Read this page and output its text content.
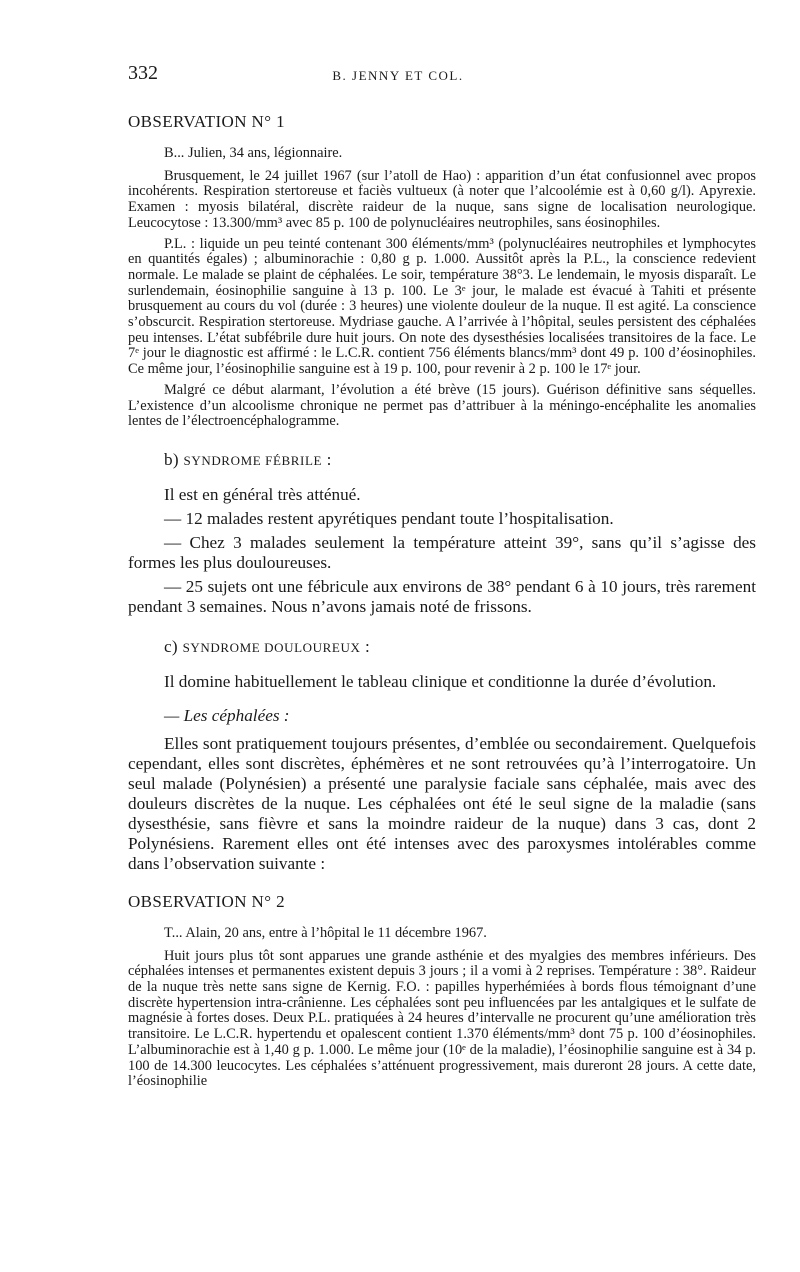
332	B. JENNY ET COL.
OBSERVATION N° 1

B... Julien, 34 ans, légionnaire.

Brusquement, le 24 juillet 1967 (sur l’atoll de Hao) : apparition d’un état confusionnel avec propos incohérents. Respiration stertoreuse et faciès vultueux (à noter que l’alcoolémie est à 0,60 g/l). Apyrexie. Examen : myosis bilatéral, discrète raideur de la nuque, sans signe de localisation neurologique. Leucocytose : 13.300/mm³ avec 85 p. 100 de polynucléaires neutrophiles, sans éosinophiles.

P.L. : liquide un peu teinté contenant 300 éléments/mm³ (polynucléaires neutrophiles et lymphocytes en quantités égales) ; albuminorachie : 0,80 g p. 1.000. Aussitôt après la P.L., la conscience redevient normale. Le malade se plaint de céphalées. Le soir, température 38°3. Le lendemain, le myosis disparaît. Le surlendemain, éosinophilie sanguine à 13 p. 100. Le 3ᵉ jour, le malade est évacué à Tahiti et présente brusquement au cours du vol (durée : 3 heures) une violente douleur de la nuque. Il est agité. La conscience s’obscurcit. Respiration stertoreuse. Mydriase gauche. A l’arrivée à l’hôpital, seules persistent des céphalées peu intenses. L’état subfébrile dure huit jours. On note des dysesthésies localisées transitoires de la face. Le 7ᵉ jour le diagnostic est affirmé : le L.C.R. contient 756 éléments blancs/mm³ dont 49 p. 100 d’éosinophiles. Ce même jour, l’éosinophilie sanguine est à 19 p. 100, pour revenir à 2 p. 100 le 17ᵉ jour.

Malgré ce début alarmant, l’évolution a été brève (15 jours). Guérison définitive sans séquelles. L’existence d’un alcoolisme chronique ne permet pas d’attribuer à la méningo-encéphalite les anomalies lentes de l’électroencéphalogramme.

b) SYNDROME FÉBRILE :

Il est en général très atténué.

— 12 malades restent apyrétiques pendant toute l’hospitalisation.

— Chez 3 malades seulement la température atteint 39°, sans qu’il s’agisse des formes les plus douloureuses.

— 25 sujets ont une fébricule aux environs de 38° pendant 6 à 10 jours, très rarement pendant 3 semaines. Nous n’avons jamais noté de frissons.

c) SYNDROME DOULOUREUX :

Il domine habituellement le tableau clinique et conditionne la durée d’évolution.

— Les céphalées :

Elles sont pratiquement toujours présentes, d’emblée ou secondairement. Quelquefois cependant, elles sont discrètes, éphémères et ne sont retrouvées qu’à l’interrogatoire. Un seul malade (Polynésien) a présenté une paralysie faciale sans céphalée, mais avec des douleurs discrètes de la nuque. Les céphalées ont été le seul signe de la maladie (sans dysesthésie, sans fièvre et sans la moindre raideur de la nuque) dans 3 cas, dont 2 Polynésiens. Rarement elles ont été intenses avec des paroxysmes intolérables comme dans l’observation suivante :

OBSERVATION N° 2

T... Alain, 20 ans, entre à l’hôpital le 11 décembre 1967.

Huit jours plus tôt sont apparues une grande asthénie et des myalgies des membres inférieurs. Des céphalées intenses et permanentes existent depuis 3 jours ; il a vomi à 2 reprises. Température : 38°. Raideur de la nuque très nette sans signe de Kernig. F.O. : papilles hyperhémiées à bords flous témoignant d’une discrète hypertension intra-crânienne. Les céphalées sont peu influencées par les antalgiques et le sulfate de magnésie à fortes doses. Deux P.L. pratiquées à 24 heures d’intervalle ne procurent qu’une amélioration très transitoire. Le L.C.R. hypertendu et opalescent contient 1.370 éléments/mm³ dont 75 p. 100 d’éosinophiles. L’albuminorachie est à 1,40 g p. 1.000. Le même jour (10ᵉ de la maladie), l’éosinophilie sanguine est à 34 p. 100 de 14.300 leucocytes. Les céphalées s’atténuent progressivement, mais dureront 28 jours. A cette date, l’éosinophilie
